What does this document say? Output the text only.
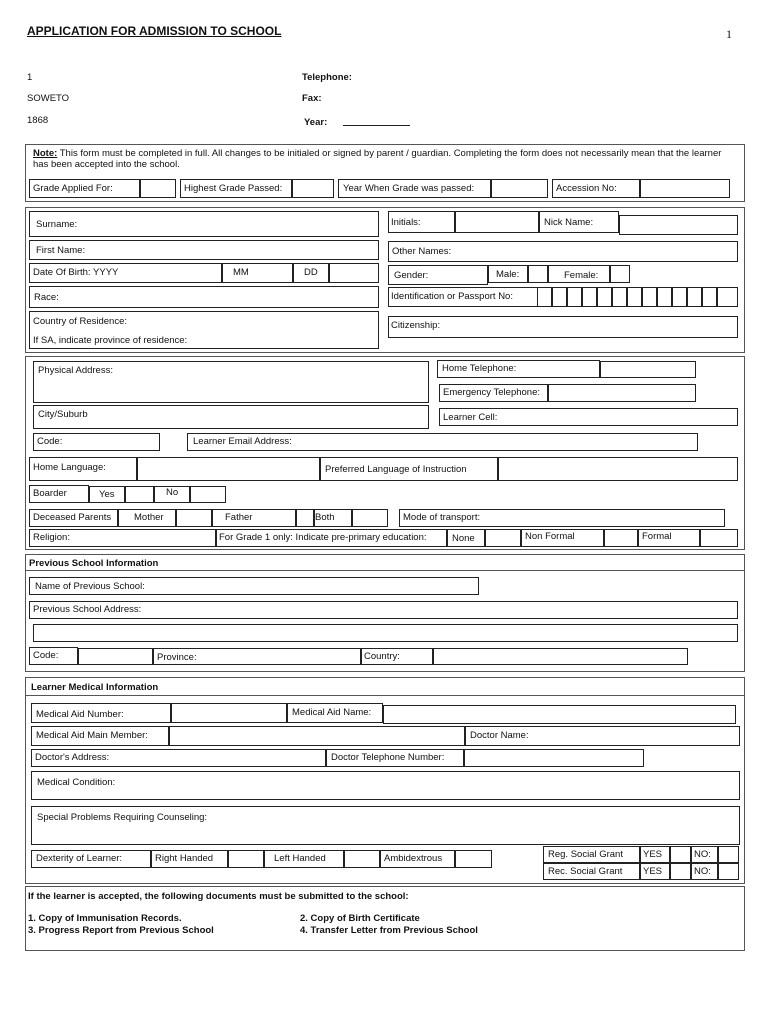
APPLICATION FOR ADMISSION TO SCHOOL	1
1
SOWETO
1868
Telephone:
Fax:
Year:
Note: This form must be completed in full. All changes to be initialed or signed by parent / guardian. Completing the form does not necessarily mean that the learner has been accepted into the school.
Grade Applied For:	Highest Grade Passed:	Year When Grade was passed:	Accession No:
Surname:	Initials:	Nick Name:
First Name:	Other Names:
Date Of Birth: YYYY	MM	DD	Gender:	Male:	Female:
Race:	Identification or Passport No:
Country of Residence:
If SA, indicate province of residence:
Citizenship:
Physical Address:	Home Telephone:
Emergency Telephone:
City/Suburb	Learner Cell:
Code:	Learner Email Address:
Home Language:	Preferred Language of Instruction
Boarder	Yes	No
Deceased Parents Mother	Father	Both	Mode of transport:
Religion:	For Grade 1 only: Indicate pre-primary education:	None	Non Formal	Formal
Previous School Information
Name of Previous School:
Previous School Address:
Code:	Province:	Country:
Learner Medical Information
Medical Aid Number:	Medical Aid Name:
Medical Aid Main Member:	Doctor Name:
Doctor's Address:	Doctor Telephone Number:
Medical Condition:
Special Problems Requiring Counseling:
Dexterity of Learner:	Right Handed	Left Handed	Ambidextrous	Reg. Social Grant YES	NO:
Rec. Social Grant YES	NO:
If the learner is accepted, the following documents must be submitted to the school:
1. Copy of Immunisation Records.	2. Copy of Birth Certificate
3. Progress Report from Previous School	4. Transfer Letter from Previous School
